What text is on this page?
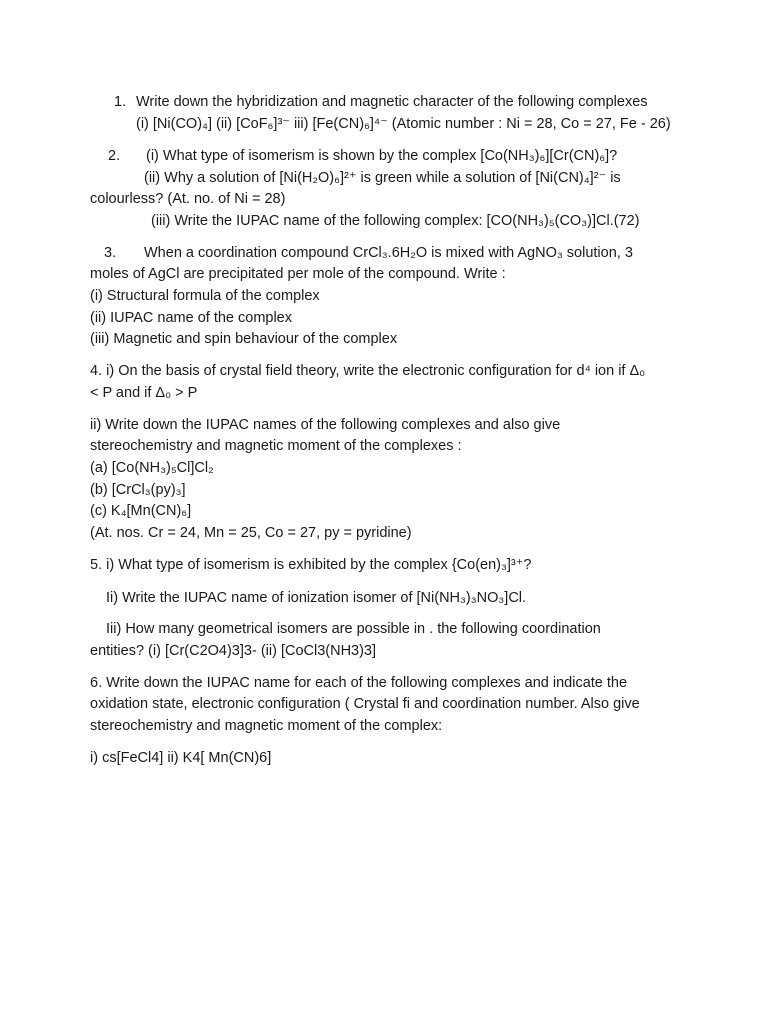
1. Write down the hybridization and magnetic character of the following complexes

(i) [Ni(CO)₄] (ii) [CoF₆]³⁻ iii) [Fe(CN)₆]⁴⁻ (Atomic number : Ni = 28, Co = 27, Fe - 26)

2. (i) What type of isomerism is shown by the complex [Co(NH₃)₆][Cr(CN)₆]?

(ii) Why a solution of [Ni(H₂O)₆]²⁺ is green while a solution of [Ni(CN)₄]²⁻ is

colourless? (At. no. of Ni = 28)

(iii) Write the IUPAC name of the following complex: [CO(NH₃)₅(CO₃)]Cl.(72)

3. When a coordination compound CrCl₃.6H₂O is mixed with AgNO₃ solution, 3

moles of AgCl are precipitated per mole of the compound. Write :

(i) Structural formula of the complex

(ii) IUPAC name of the complex

(iii) Magnetic and spin behaviour of the complex

4. i) On the basis of crystal field theory, write the electronic configuration for d⁴ ion if Δ₀

< P and if Δ₀ > P

ii) Write down the IUPAC names of the following complexes and also give

stereochemistry and magnetic moment of the complexes :

(a) [Co(NH₃)₅Cl]Cl₂

(b) [CrCl₃(py)₃]

(c) K₄[Mn(CN)₆]

(At. nos. Cr = 24, Mn = 25, Co = 27, py = pyridine)

5. i) What type of isomerism is exhibited by the complex {Co(en)₃]³⁺?

Ii) Write the IUPAC name of ionization isomer of [Ni(NH₃)₃NO₃]Cl.

Iii) How many geometrical isomers are possible in . the following coordination

entities? (i) [Cr(C2O4)3]3- (ii) [CoCl3(NH3)3]

6. Write down the IUPAC name for each of the following complexes and indicate the

oxidation state, electronic configuration ( Crystal fi and coordination number. Also give

stereochemistry and magnetic moment of the complex:

i) cs[FeCl4] ii) K4[ Mn(CN)6]
